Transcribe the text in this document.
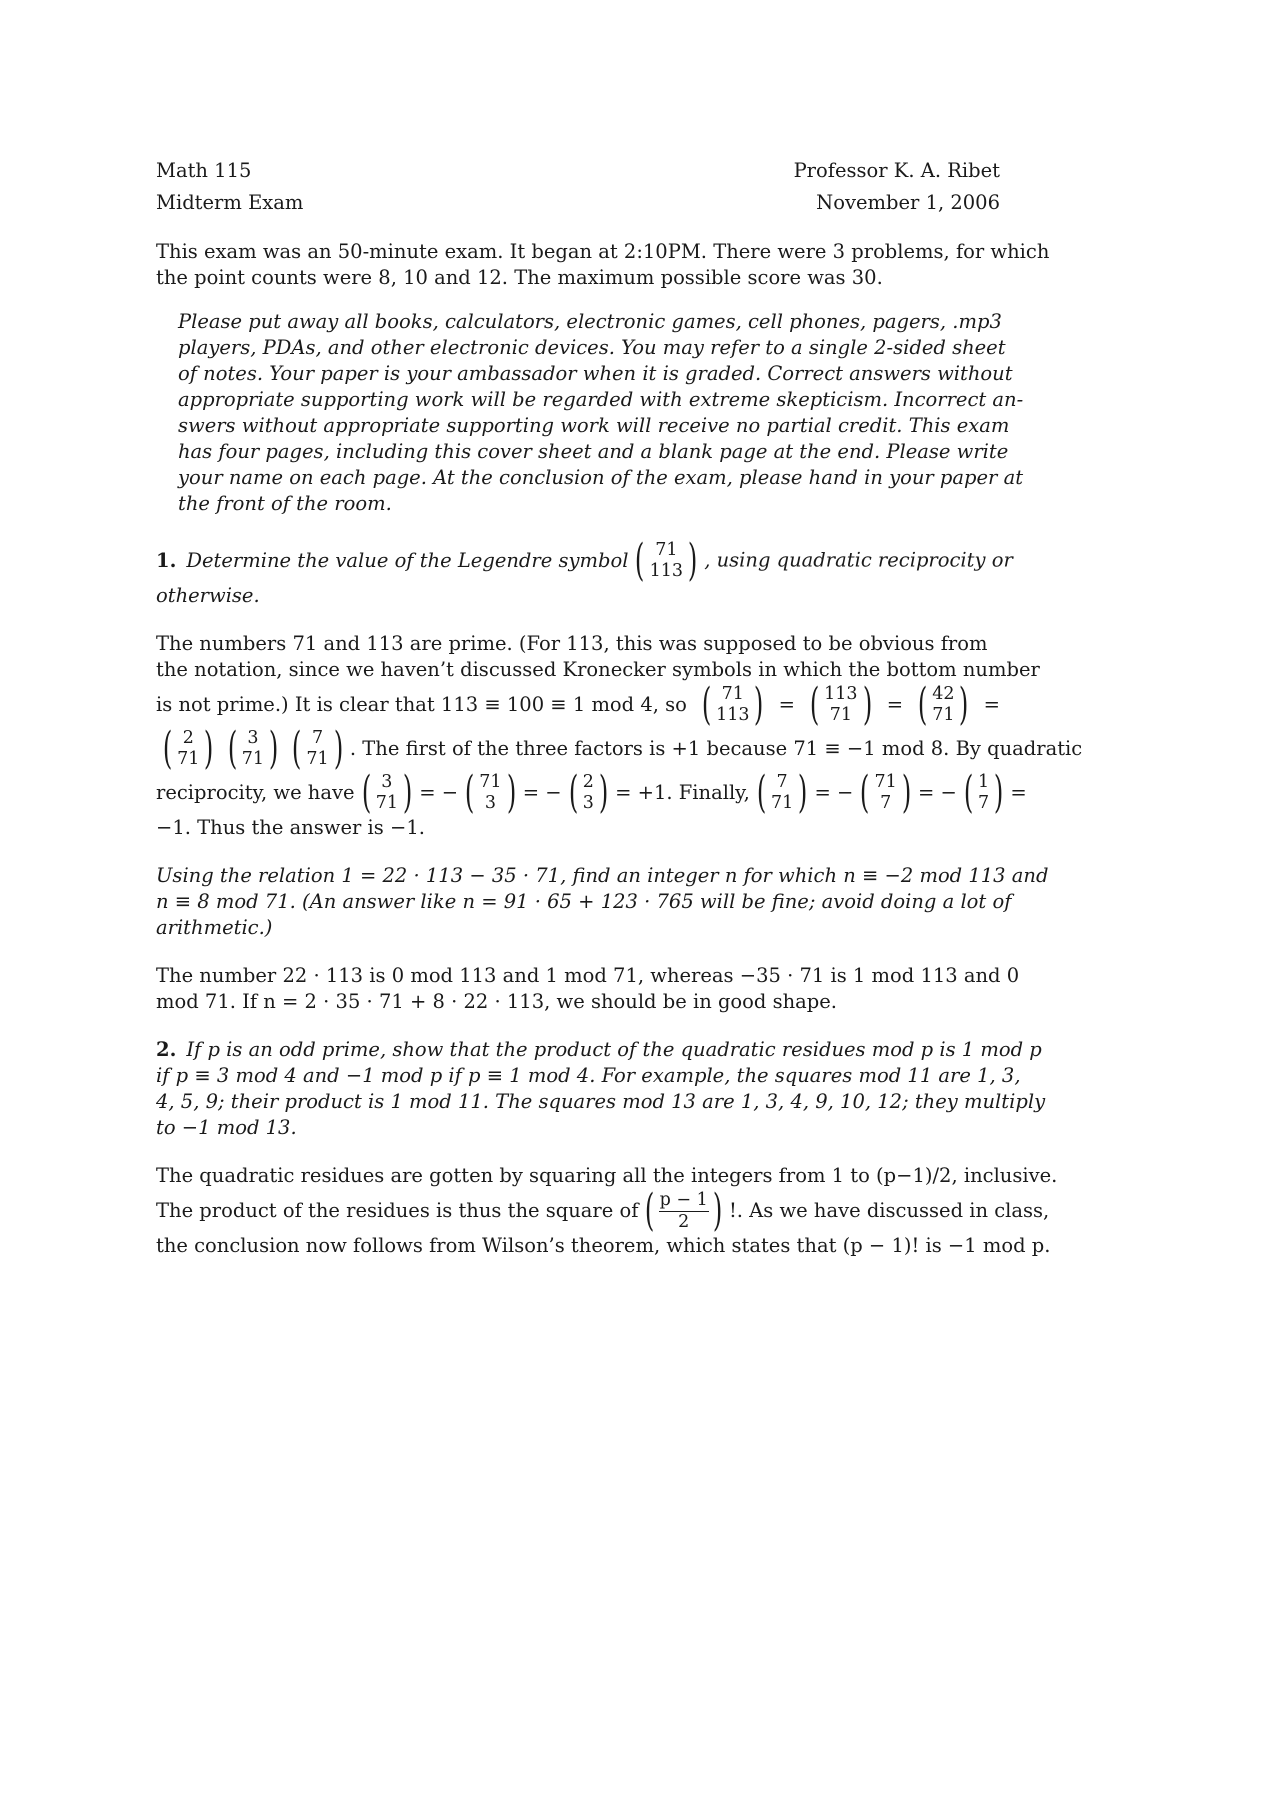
Math 115
Midterm Exam
Professor K. A. Ribet
November 1, 2006
This exam was an 50-minute exam. It began at 2:10PM. There were 3 problems, for which
the point counts were 8, 10 and 12. The maximum possible score was 30.
Please put away all books, calculators, electronic games, cell phones, pagers, .mp3
players, PDAs, and other electronic devices. You may refer to a single 2-sided sheet
of notes. Your paper is your ambassador when it is graded. Correct answers without
appropriate supporting work will be regarded with extreme skepticism. Incorrect an-
swers without appropriate supporting work will receive no partial credit. This exam
has four pages, including this cover sheet and a blank page at the end. Please write
your name on each page. At the conclusion of the exam, please hand in your paper at
the front of the room.
1. Determine the value of the Legendre symbol ( 71
113 ) , using quadratic reciprocity or
otherwise.
The numbers 71 and 113 are prime. (For 113, this was supposed to be obvious from
the notation, since we haven’t discussed Kronecker symbols in which the bottom number
is not prime.) It is clear that 113 ≡ 100 ≡ 1 mod 4, so ( 71
113 ) = ( 113
71 ) = ( 42
71 ) =
( 2
71 ) ( 3
71 ) ( 7
71 ) . The first of the three factors is +1 because 71 ≡ −1 mod 8. By quadratic
reciprocity, we have ( 3
71 ) = − ( 71
3 ) = − ( 2
3 ) = +1. Finally, ( 7
71 ) = − ( 71
7 ) = − ( 1
7 ) =
−1. Thus the answer is −1.
Using the relation 1 = 22 · 113 − 35 · 71, find an integer n for which n ≡ −2 mod 113 and
n ≡ 8 mod 71. (An answer like n = 91 · 65 + 123 · 765 will be fine; avoid doing a lot of
arithmetic.)
The number 22 · 113 is 0 mod 113 and 1 mod 71, whereas −35 · 71 is 1 mod 113 and 0
mod 71. If n = 2 · 35 · 71 + 8 · 22 · 113, we should be in good shape.
2. If p is an odd prime, show that the product of the quadratic residues mod p is 1 mod p
if p ≡ 3 mod 4 and −1 mod p if p ≡ 1 mod 4. For example, the squares mod 11 are 1, 3,
4, 5, 9; their product is 1 mod 11. The squares mod 13 are 1, 3, 4, 9, 10, 12; they multiply
to −1 mod 13.
The quadratic residues are gotten by squaring all the integers from 1 to (p−1)/2, inclusive.
The product of the residues is thus the square of ( $\frac{p - 1}{2}$ ) !. As we have discussed in class,
the conclusion now follows from Wilson’s theorem, which states that (p − 1)! is −1 mod p.
